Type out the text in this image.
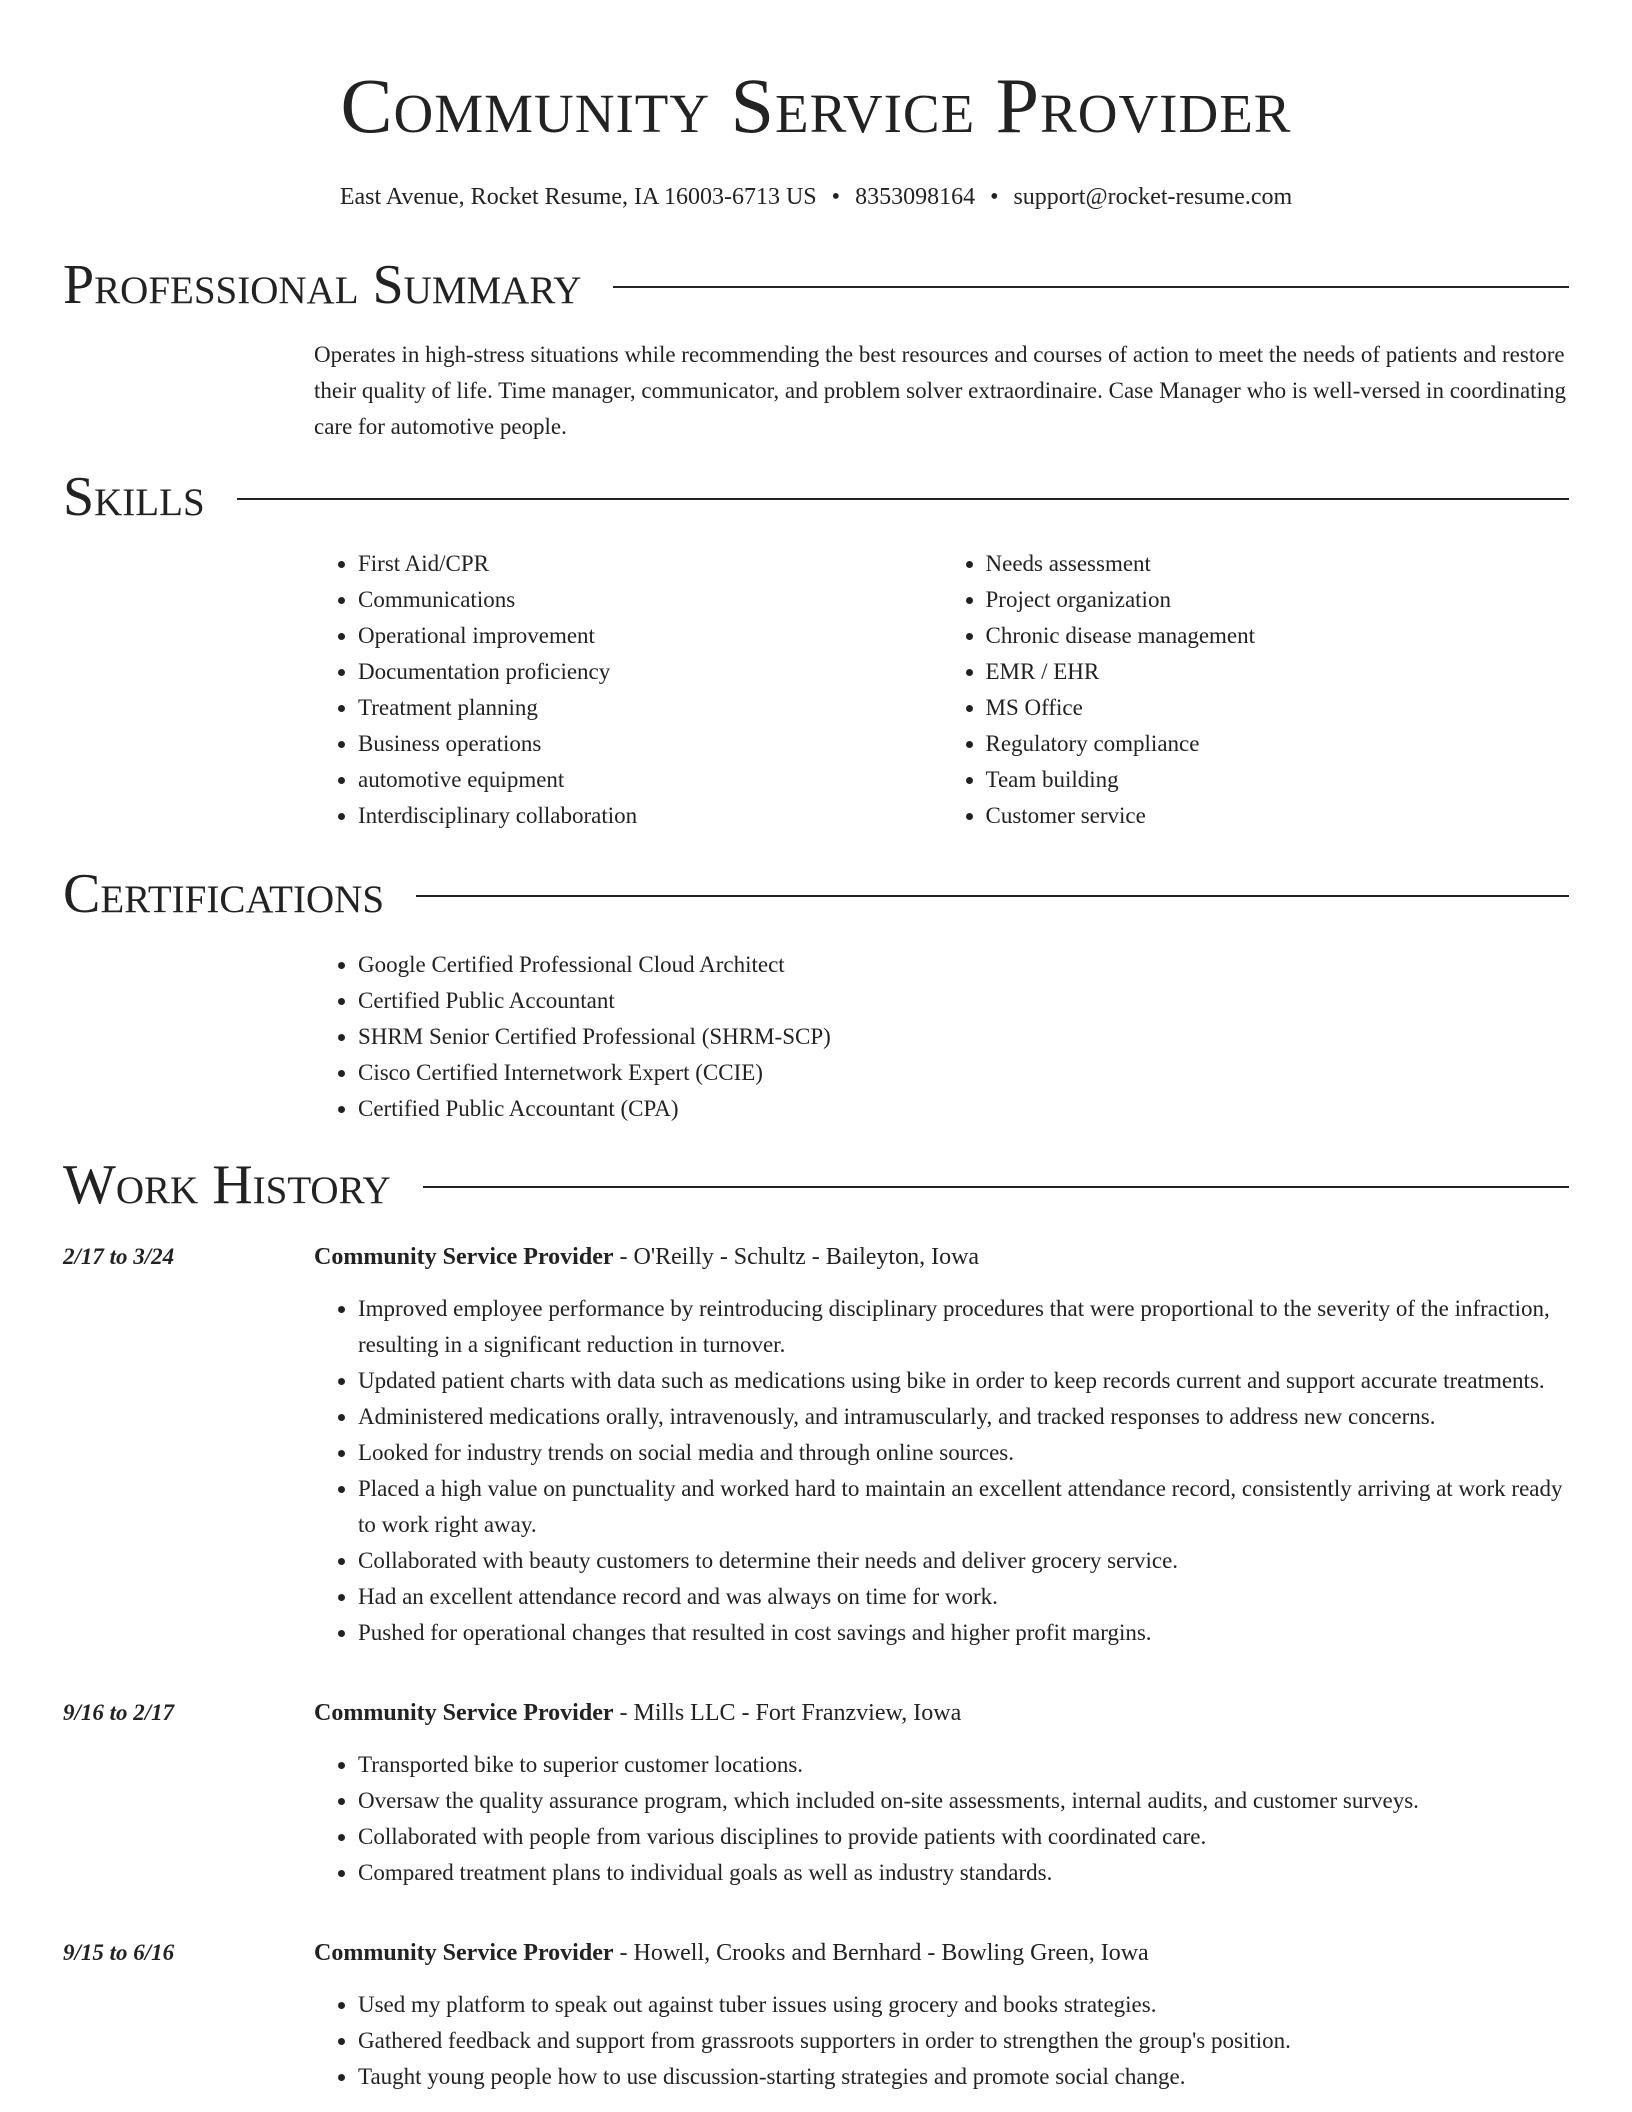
Community Service Provider
East Avenue, Rocket Resume, IA 16003-6713 US • 8353098164 • support@rocket-resume.com
Professional Summary
Operates in high-stress situations while recommending the best resources and courses of action to meet the needs of patients and restore their quality of life. Time manager, communicator, and problem solver extraordinaire. Case Manager who is well-versed in coordinating care for automotive people.
Skills
• First Aid/CPR
• Communications
• Operational improvement
• Documentation proficiency
• Treatment planning
• Business operations
• automotive equipment
• Interdisciplinary collaboration
• Needs assessment
• Project organization
• Chronic disease management
• EMR / EHR
• MS Office
• Regulatory compliance
• Team building
• Customer service
Certifications
• Google Certified Professional Cloud Architect
• Certified Public Accountant
• SHRM Senior Certified Professional (SHRM-SCP)
• Cisco Certified Internetwork Expert (CCIE)
• Certified Public Accountant (CPA)
Work History
2/17 to 3/24	Community Service Provider - O'Reilly - Schultz - Baileyton, Iowa
• Improved employee performance by reintroducing disciplinary procedures that were proportional to the severity of the infraction, resulting in a significant reduction in turnover.
• Updated patient charts with data such as medications using bike in order to keep records current and support accurate treatments.
• Administered medications orally, intravenously, and intramuscularly, and tracked responses to address new concerns.
• Looked for industry trends on social media and through online sources.
• Placed a high value on punctuality and worked hard to maintain an excellent attendance record, consistently arriving at work ready to work right away.
• Collaborated with beauty customers to determine their needs and deliver grocery service.
• Had an excellent attendance record and was always on time for work.
• Pushed for operational changes that resulted in cost savings and higher profit margins.
9/16 to 2/17	Community Service Provider - Mills LLC - Fort Franzview, Iowa
• Transported bike to superior customer locations.
• Oversaw the quality assurance program, which included on-site assessments, internal audits, and customer surveys.
• Collaborated with people from various disciplines to provide patients with coordinated care.
• Compared treatment plans to individual goals as well as industry standards.
9/15 to 6/16	Community Service Provider - Howell, Crooks and Bernhard - Bowling Green, Iowa
• Used my platform to speak out against tuber issues using grocery and books strategies.
• Gathered feedback and support from grassroots supporters in order to strengthen the group's position.
• Taught young people how to use discussion-starting strategies and promote social change.
